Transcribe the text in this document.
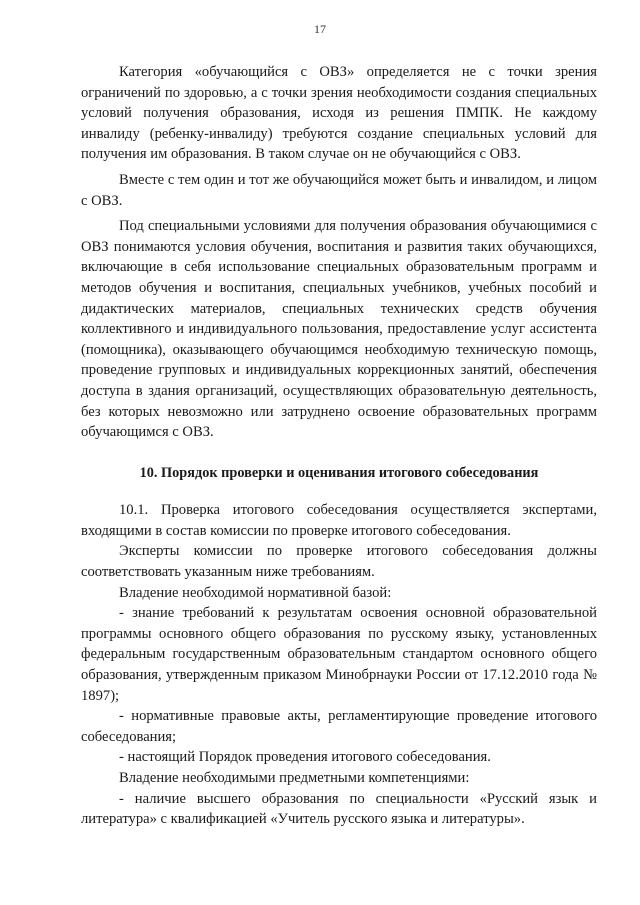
17

Категория «обучающийся с ОВЗ» определяется не с точки зрения ограничений по здоровью, а с точки зрения необходимости создания специальных условий получения образования, исходя из решения ПМПК. Не каждому инвалиду (ребенку-инвалиду) требуются создание специальных условий для получения им образования. В таком случае он не обучающийся с ОВЗ.

Вместе с тем один и тот же обучающийся может быть и инвалидом, и лицом с ОВЗ.

Под специальными условиями для получения образования обучающимися с ОВЗ понимаются условия обучения, воспитания и развития таких обучающихся, включающие в себя использование специальных образовательным программ и методов обучения и воспитания, специальных учебников, учебных пособий и дидактических материалов, специальных технических средств обучения коллективного и индивидуального пользования, предоставление услуг ассистента (помощника), оказывающего обучающимся необходимую техническую помощь, проведение групповых и индивидуальных коррекционных занятий, обеспечения доступа в здания организаций, осуществляющих образовательную деятельность, без которых невозможно или затруднено освоение образовательных программ обучающимся с ОВЗ.

10. Порядок проверки и оценивания итогового собеседования

10.1. Проверка итогового собеседования осуществляется экспертами, входящими в состав комиссии по проверке итогового собеседования.

Эксперты комиссии по проверке итогового собеседования должны соответствовать указанным ниже требованиям.

Владение необходимой нормативной базой:

- знание требований к результатам освоения основной образовательной программы основного общего образования по русскому языку, установленных федеральным государственным образовательным стандартом основного общего образования, утвержденным приказом Минобрнауки России от 17.12.2010 года № 1897);

- нормативные правовые акты, регламентирующие проведение итогового собеседования;

- настоящий Порядок проведения итогового собеседования.

Владение необходимыми предметными компетенциями:

- наличие высшего образования по специальности «Русский язык и литература» с квалификацией «Учитель русского языка и литературы».
